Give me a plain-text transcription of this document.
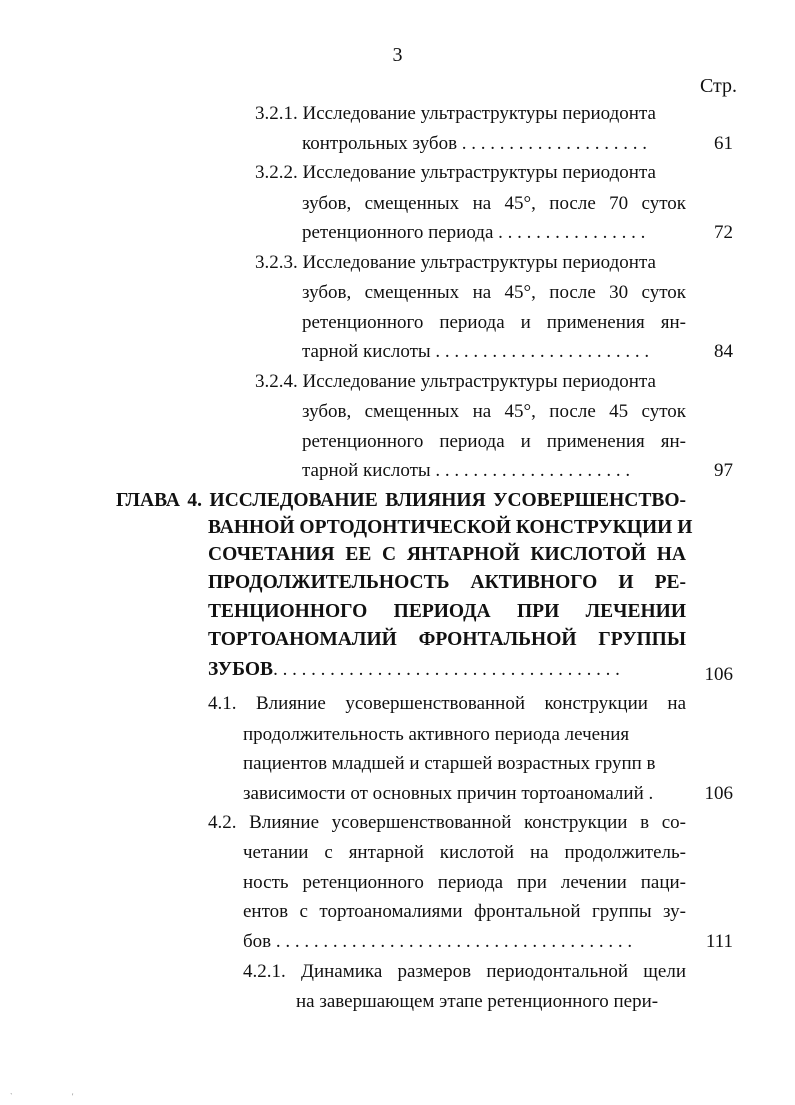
3
Стр.
3.2.1. Исследование ультраструктуры периодонта
контрольных зубов . . . . . . . . . . . . . . . . . . . .	61
3.2.2. Исследование ультраструктуры периодонта
зубов, смещенных на 45°, после 70 суток
ретенционного периода . . . . . . . . . . . . . . . .	72
3.2.3. Исследование ультраструктуры периодонта
зубов, смещенных на 45°, после 30 суток
ретенционного периода и применения ян-
тарной кислоты . . . . . . . . . . . . . . . . . . . . . . .	84
3.2.4. Исследование ультраструктуры периодонта
зубов, смещенных на 45°, после 45 суток
ретенционного периода и применения ян-
тарной кислоты . . . . . . . . . . . . . . . . . . . . .	97
ГЛАВА 4. ИССЛЕДОВАНИЕ ВЛИЯНИЯ УСОВЕРШЕНСТВО-
ВАННОЙ ОРТОДОНТИЧЕСКОЙ КОНСТРУКЦИИ И
СОЧЕТАНИЯ ЕЕ С ЯНТАРНОЙ КИСЛОТОЙ НА
ПРОДОЛЖИТЕЛЬНОСТЬ АКТИВНОГО И РЕ-
ТЕНЦИОННОГО ПЕРИОДА ПРИ ЛЕЧЕНИИ
ТОРТОАНОМАЛИЙ ФРОНТАЛЬНОЙ ГРУППЫ
ЗУБОВ. . . . . . . . . . . . . . . . . . . . . . . . . . . . . . . . . . . . .	106
4.1. Влияние усовершенствованной конструкции на
продолжительность активного периода лечения
пациентов младшей и старшей возрастных групп в
зависимости от основных причин тортоаномалий .	106
4.2. Влияние усовершенствованной конструкции в со-
четании с янтарной кислотой на продолжитель-
ность ретенционного периода при лечении паци-
ентов с тортоаномалиями фронтальной группы зу-
бов . . . . . . . . . . . . . . . . . . . . . . . . . . . . . . . . . . . . . .	111
4.2.1. Динамика размеров периодонтальной щели
на завершающем этапе ретенционного пери-
`	'
